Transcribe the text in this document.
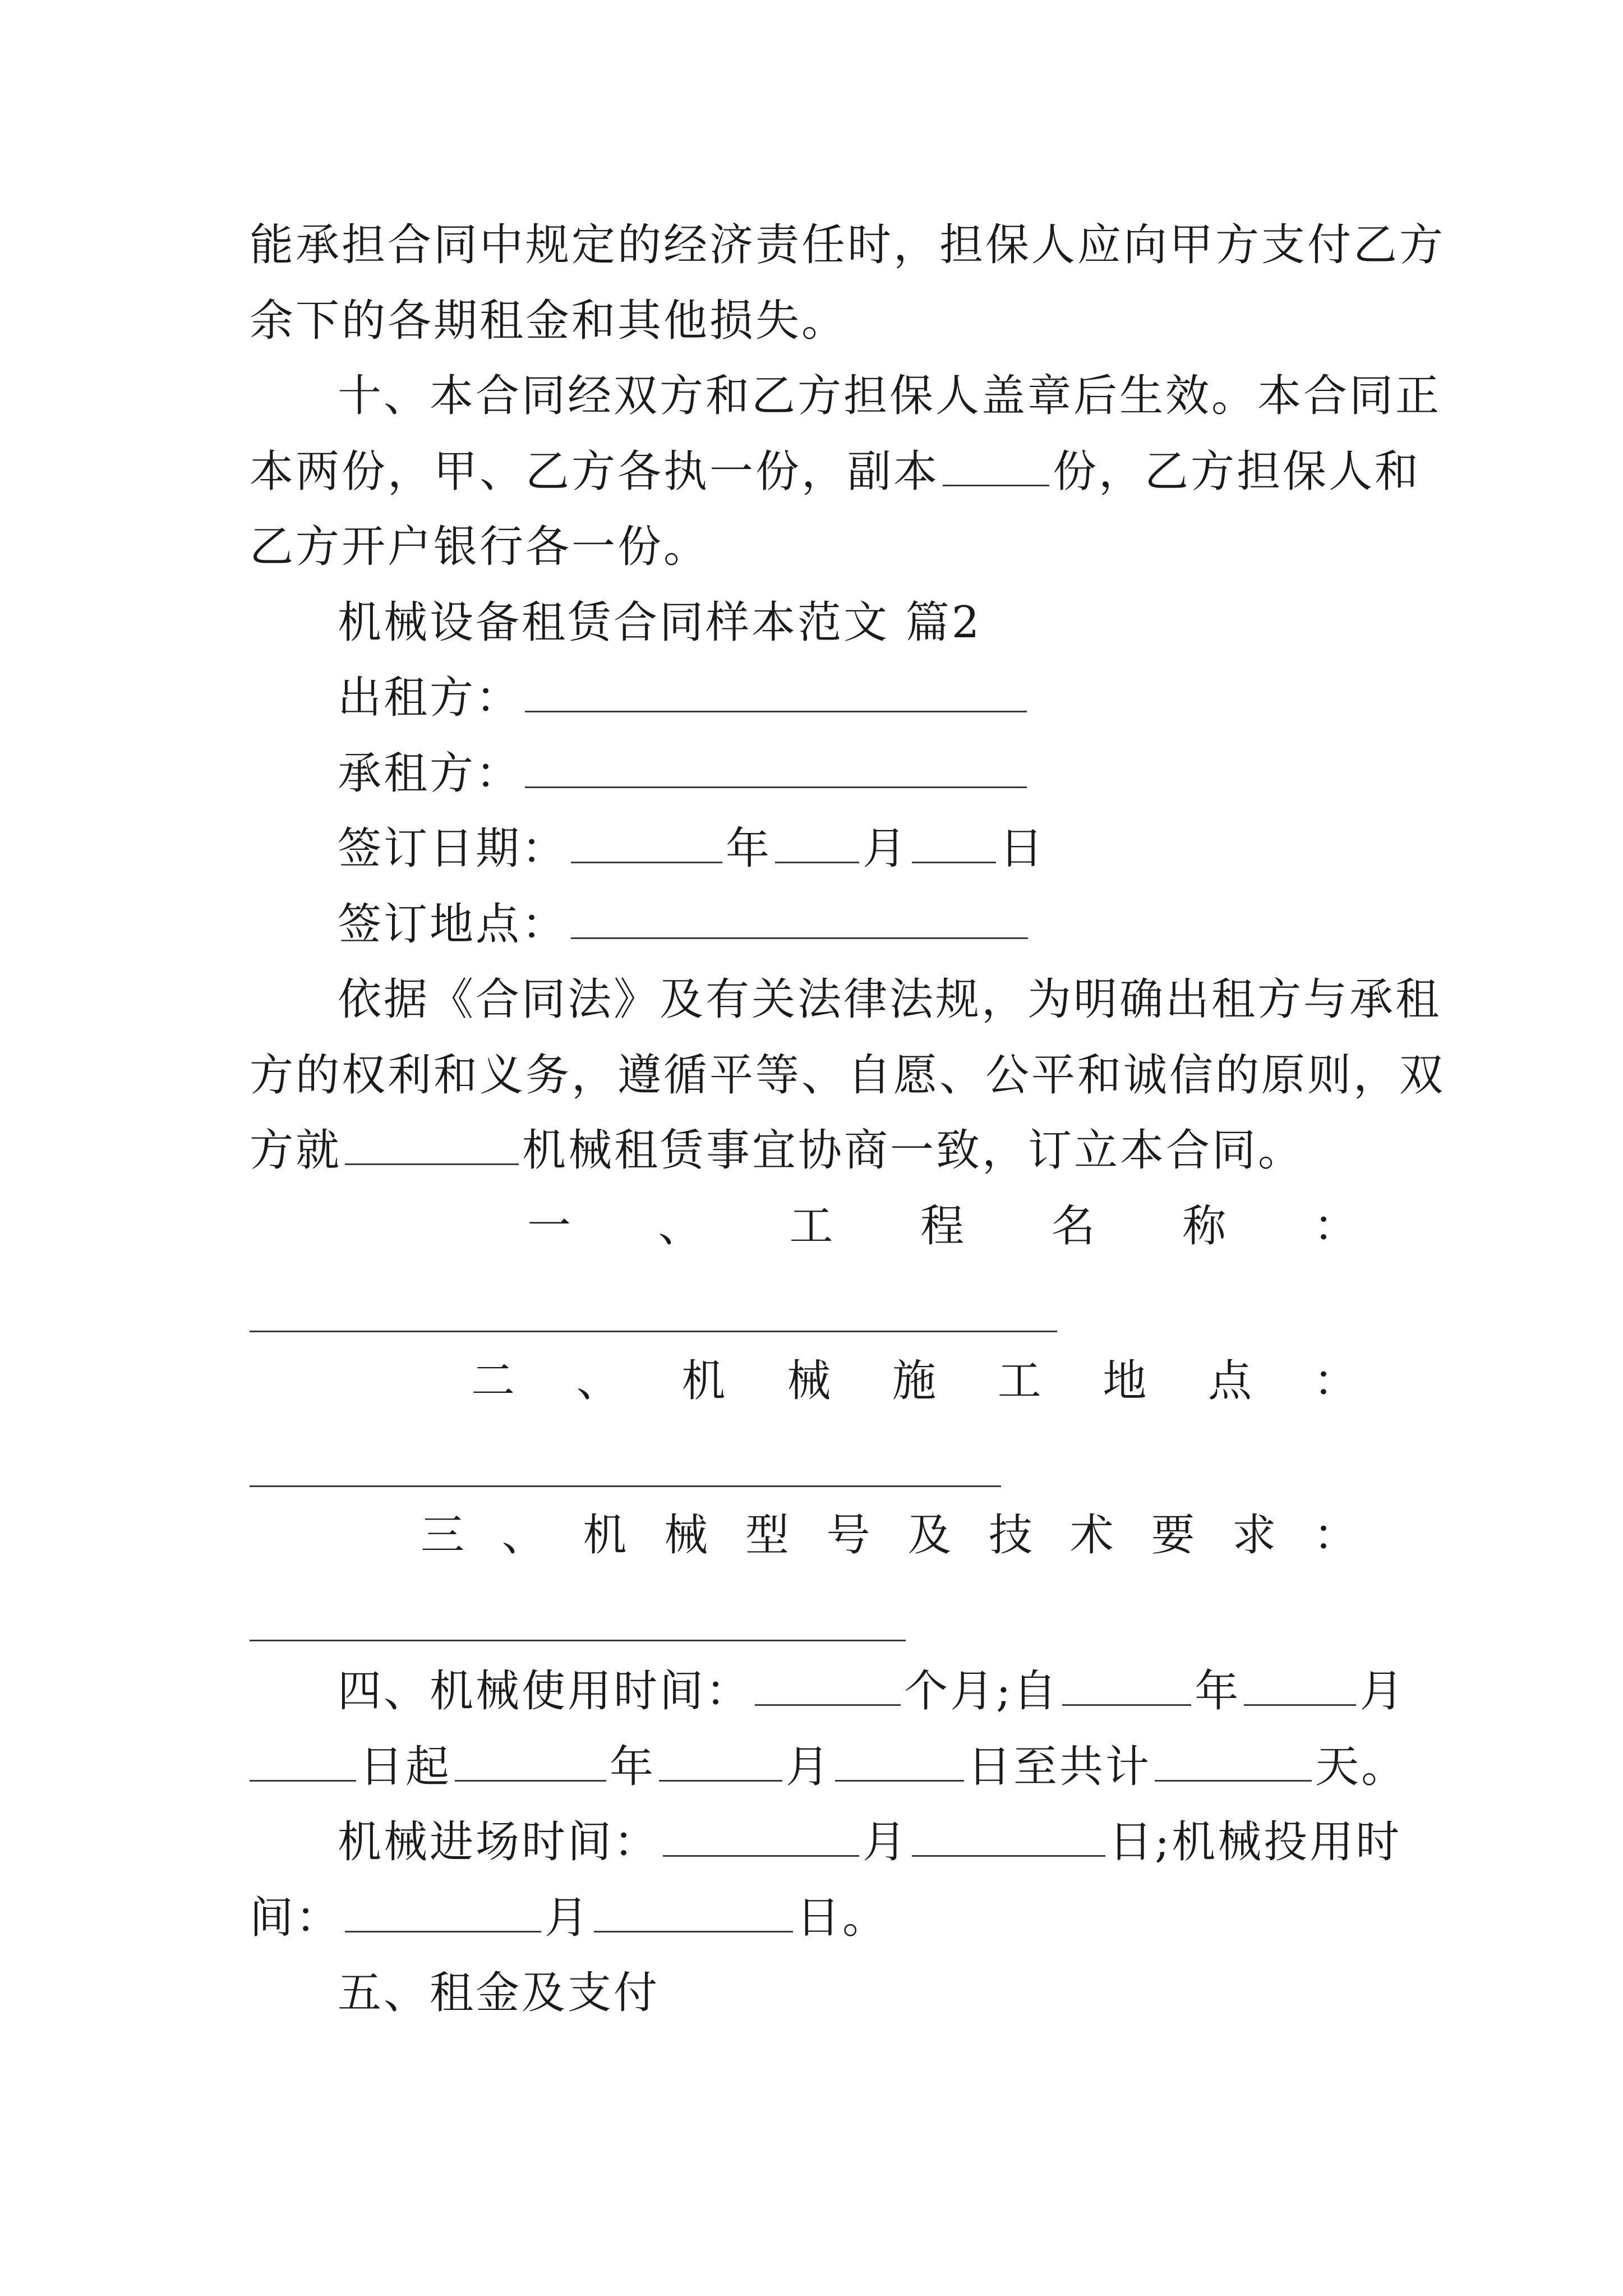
能承担合同中规定的经济责任时，担保人应向甲方支付乙方
余下的各期租金和其他损失。
十、本合同经双方和乙方担保人盖章后生效。本合同正
本两份，甲、乙方各执一份，副本	份，乙方担保人和
乙方开户银行各一份。
机械设备租赁合同样本范文 篇2
出租方：
承租方：
签订日期：	年 月 日
签订地点：
依据《合同法》及有关法律法规，为明确出租方与承租
方的权利和义务，遵循平等、自愿、公平和诚信的原则，双
方就	机械租赁事宜协商一致，订立本合同。
一 、 工 程 名 称 ：
二 、 机 械 施 工 地 点 ：
三 、 机 械 型 号 及 技 术 要 求 ：
四、机械使用时间：	个月;自	年	月
日起	年	月	日至共计	天。
机械进场时间：	月	日;机械投用时
间：	月	日。
五、租金及支付
